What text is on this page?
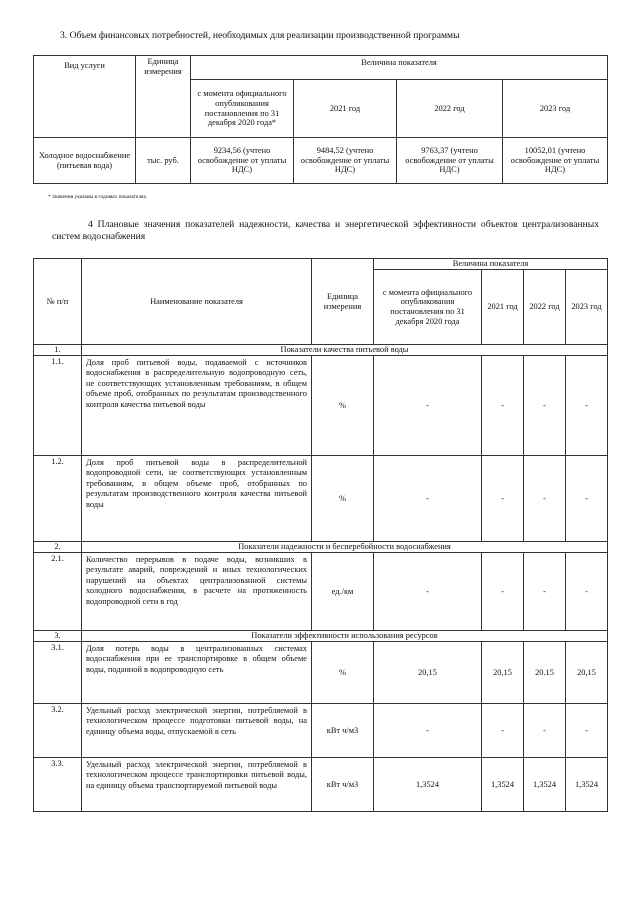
3. Объем финансовых потребностей, необходимых для реализации производственной программы
Вид услуги	Единица измерения	Величина показателя			
		с момента официального опубликования постановления по 31 декабря 2020 года*	2021 год	2022 год	2023 год
Холодное водоснабжение (питьевая вода)	тыс. руб.	9234,56 (учтено освобождение от уплаты НДС)	9484,52 (учтено освобождение от уплаты НДС)	9763,37 (учтено освобождение от уплаты НДС)	10052,01 (учтено освобождение от уплаты НДС)
* Значения указаны в годовых показателях.
4 Плановые значения показателей надежности, качества и энергетической эффективности объектов централизованных систем водоснабжения
№ п/п	Наименование показателя	Единица измерения	Величина показателя			
			с момента официального опубликования постановления по 31 декабря 2020 года	2021 год	2022 год	2023 год
1.	Показатели качества питьевой воды					
1.1.	Доля проб питьевой воды, подаваемой с источников водоснабжения в распределительную водопроводную сеть, не соответствующих установленным требованиям, в общем объеме проб, отобранных по результатам производственного контроля качества питьевой воды	%	-	-	-	-
1.2.	Доля проб питьевой воды в распределительной водопроводной сети, не соответствующих установленным требованиям, в общем объеме проб, отобранных по результатам производственного контроля качества питьевой воды	%	-	-	-	-
2.	Показатели надежности и бесперебойности водоснабжения					
2.1.	Количество перерывов в подаче воды, возникших в результате аварий, повреждений и иных технологических нарушений на объектах централизованной системы холодного водоснабжения, в расчете на протяженность водопроводной сети в год	ед./км	-	-	-	-
3.	Показатели эффективности использования ресурсов					
3.1.	Доля потерь воды в централизованных системах водоснабжения при ее транспортировке в общем объеме воды, поданной в водопроводную сеть	%	20,15	20,15	20.15	20,15
3.2.	Удельный расход электрической энергии, потребляемой в технологическом процессе подготовки питьевой воды, на единицу объема воды, отпускаемой в сеть	кВт ч/м3	-	-	-	-
3.3.	Удельный расход электрической энергии, потребляемой в технологическом процессе транспортировки питьевой воды, на единицу объема транспортируемой питьевой воды	кВт ч/м3	1,3524	1,3524	1,3524	1,3524
